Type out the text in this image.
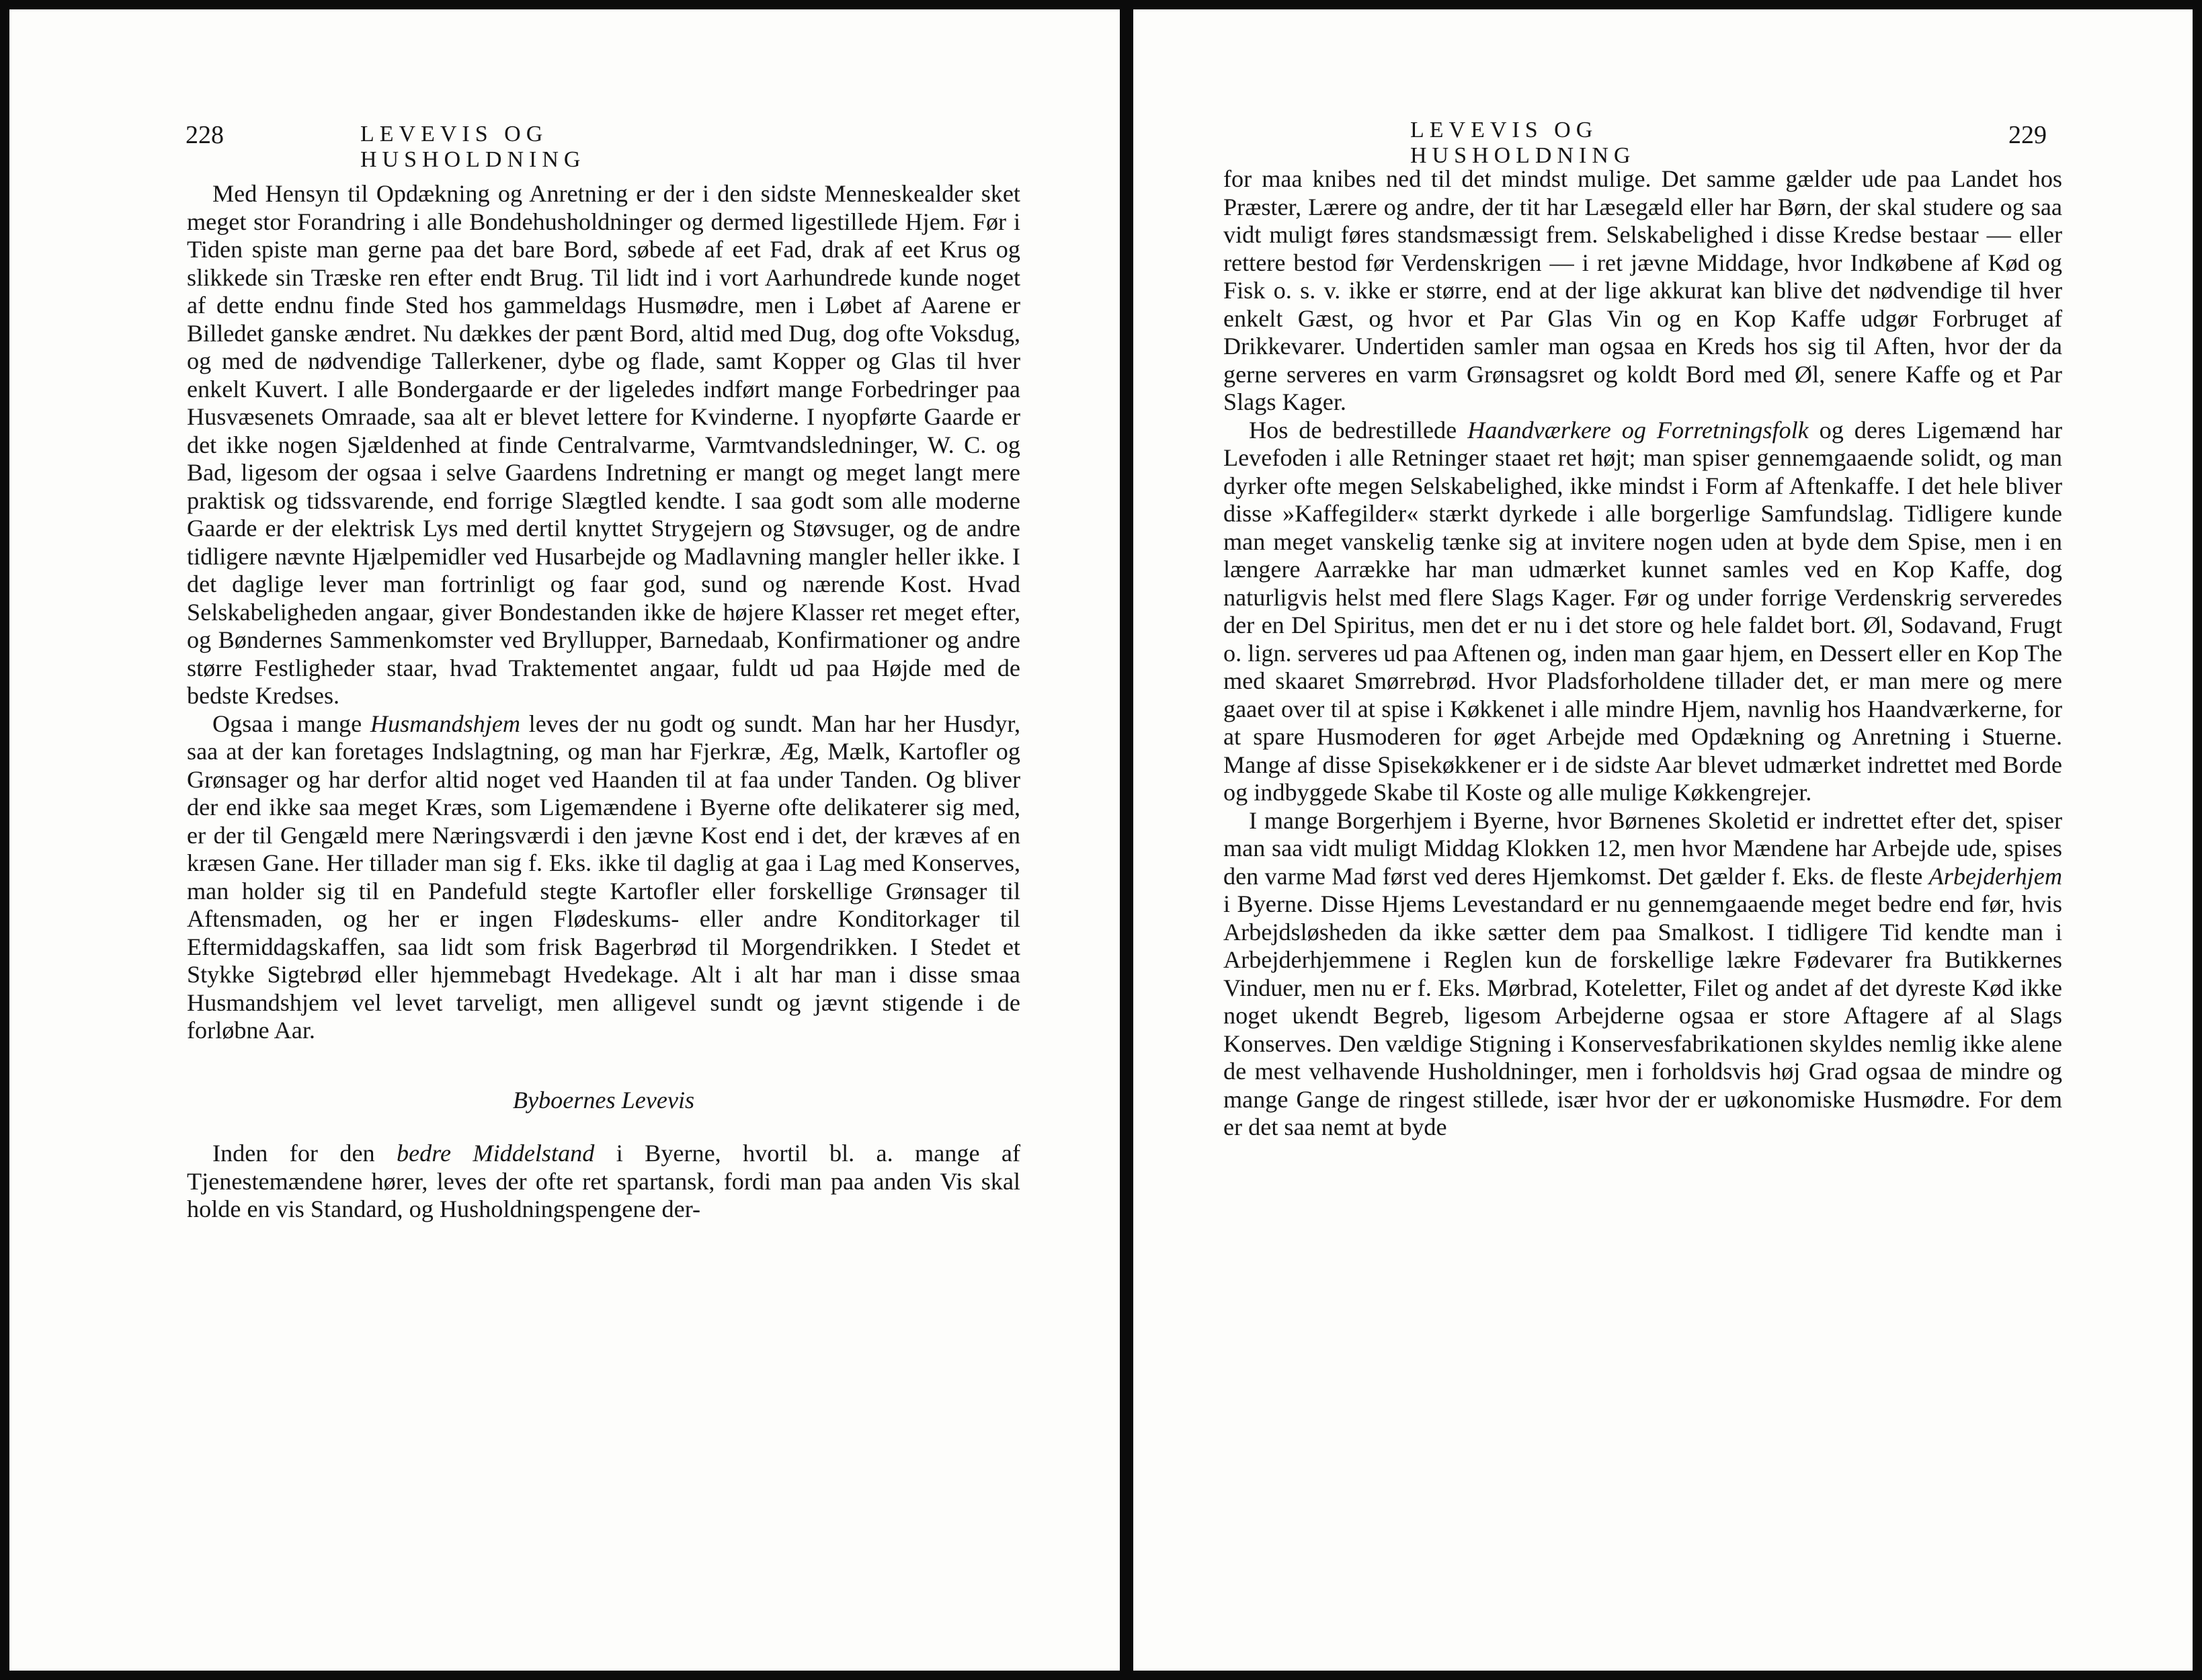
228	LEVEVIS OG HUSHOLDNING

Med Hensyn til Opdækning og Anretning er der i den sidste Menneskealder sket meget stor Forandring i alle Bondehusholdninger og dermed ligestillede Hjem. Før i Tiden spiste man gerne paa det bare Bord, søbede af eet Fad, drak af eet Krus og slikkede sin Træske ren efter endt Brug. Til lidt ind i vort Aarhundrede kunde noget af dette endnu finde Sted hos gammeldags Husmødre, men i Løbet af Aarene er Billedet ganske ændret. Nu dækkes der pænt Bord, altid med Dug, dog ofte Voksdug, og med de nødvendige Tallerkener, dybe og flade, samt Kopper og Glas til hver enkelt Kuvert. I alle Bondergaarde er der ligeledes indført mange Forbedringer paa Husvæsenets Omraade, saa alt er blevet lettere for Kvinderne. I nyopførte Gaarde er det ikke nogen Sjældenhed at finde Centralvarme, Varmtvandsledninger, W. C. og Bad, ligesom der ogsaa i selve Gaardens Indretning er mangt og meget langt mere praktisk og tidssvarende, end forrige Slægtled kendte. I saa godt som alle moderne Gaarde er der elektrisk Lys med dertil knyttet Strygejern og Støvsuger, og de andre tidligere nævnte Hjælpemidler ved Husarbejde og Madlavning mangler heller ikke. I det daglige lever man fortrinligt og faar god, sund og nærende Kost. Hvad Selskabeligheden angaar, giver Bondestanden ikke de højere Klasser ret meget efter, og Bøndernes Sammenkomster ved Bryllupper, Barnedaab, Konfirmationer og andre større Festligheder staar, hvad Traktementet angaar, fuldt ud paa Højde med de bedste Kredses.

Ogsaa i mange Husmandshjem leves der nu godt og sundt. Man har her Husdyr, saa at der kan foretages Indslagtning, og man har Fjerkræ, Æg, Mælk, Kartofler og Grønsager og har derfor altid noget ved Haanden til at faa under Tanden. Og bliver der end ikke saa meget Kræs, som Ligemændene i Byerne ofte delikaterer sig med, er der til Gengæld mere Næringsværdi i den jævne Kost end i det, der kræves af en kræsen Gane. Her tillader man sig f. Eks. ikke til daglig at gaa i Lag med Konserves, man holder sig til en Pandefuld stegte Kartofler eller forskellige Grønsager til Aftensmaden, og her er ingen Flødeskums- eller andre Konditorkager til Eftermiddagskaffen, saa lidt som frisk Bagerbrød til Morgendrikken. I Stedet et Stykke Sigtebrød eller hjemmebagt Hvedekage. Alt i alt har man i disse smaa Husmandshjem vel levet tarveligt, men alligevel sundt og jævnt stigende i de forløbne Aar.

Byboernes Levevis

Inden for den bedre Middelstand i Byerne, hvortil bl. a. mange af Tjenestemændene hører, leves der ofte ret spartansk, fordi man paa anden Vis skal holde en vis Standard, og Husholdningspengene der-

LEVEVIS OG HUSHOLDNING
229

for maa knibes ned til det mindst mulige. Det samme gælder ude paa Landet hos Præster, Lærere og andre, der tit har Læsegæld eller har Børn, der skal studere og saa vidt muligt føres standsmæssigt frem. Selskabelighed i disse Kredse bestaar — eller rettere bestod før Verdenskrigen — i ret jævne Middage, hvor Indkøbene af Kød og Fisk o. s. v. ikke er større, end at der lige akkurat kan blive det nødvendige til hver enkelt Gæst, og hvor et Par Glas Vin og en Kop Kaffe udgør Forbruget af Drikkevarer. Undertiden samler man ogsaa en Kreds hos sig til Aften, hvor der da gerne serveres en varm Grønsagsret og koldt Bord med Øl, senere Kaffe og et Par Slags Kager.

Hos de bedrestillede Haandværkere og Forretningsfolk og deres Ligemænd har Levefoden i alle Retninger staaet ret højt; man spiser gennemgaaende solidt, og man dyrker ofte megen Selskabelighed, ikke mindst i Form af Aftenkaffe. I det hele bliver disse »Kaffegilder« stærkt dyrkede i alle borgerlige Samfundslag. Tidligere kunde man meget vanskelig tænke sig at invitere nogen uden at byde dem Spise, men i en længere Aarrække har man udmærket kunnet samles ved en Kop Kaffe, dog naturligvis helst med flere Slags Kager. Før og under forrige Verdenskrig serveredes der en Del Spiritus, men det er nu i det store og hele faldet bort. Øl, Sodavand, Frugt o. lign. serveres ud paa Aftenen og, inden man gaar hjem, en Dessert eller en Kop The med skaaret Smørrebrød. Hvor Pladsforholdene tillader det, er man mere og mere gaaet over til at spise i Køkkenet i alle mindre Hjem, navnlig hos Haandværkerne, for at spare Husmoderen for øget Arbejde med Opdækning og Anretning i Stuerne. Mange af disse Spisekøkkener er i de sidste Aar blevet udmærket indrettet med Borde og indbyggede Skabe til Koste og alle mulige Køkkengrejer.

I mange Borgerhjem i Byerne, hvor Børnenes Skoletid er indrettet efter det, spiser man saa vidt muligt Middag Klokken 12, men hvor Mændene har Arbejde ude, spises den varme Mad først ved deres Hjemkomst. Det gælder f. Eks. de fleste Arbejderhjem i Byerne. Disse Hjems Levestandard er nu gennemgaaende meget bedre end før, hvis Arbejdsløsheden da ikke sætter dem paa Smalkost. I tidligere Tid kendte man i Arbejderhjemmene i Reglen kun de forskellige lækre Fødevarer fra Butikkernes Vinduer, men nu er f. Eks. Mørbrad, Koteletter, Filet og andet af det dyreste Kød ikke noget ukendt Begreb, ligesom Arbejderne ogsaa er store Aftagere af al Slags Konserves. Den vældige Stigning i Konservesfabrikationen skyldes nemlig ikke alene de mest velhavende Husholdninger, men i forholdsvis høj Grad ogsaa de mindre og mange Gange de ringest stillede, især hvor der er uøkonomiske Husmødre. For dem er det saa nemt at byde
